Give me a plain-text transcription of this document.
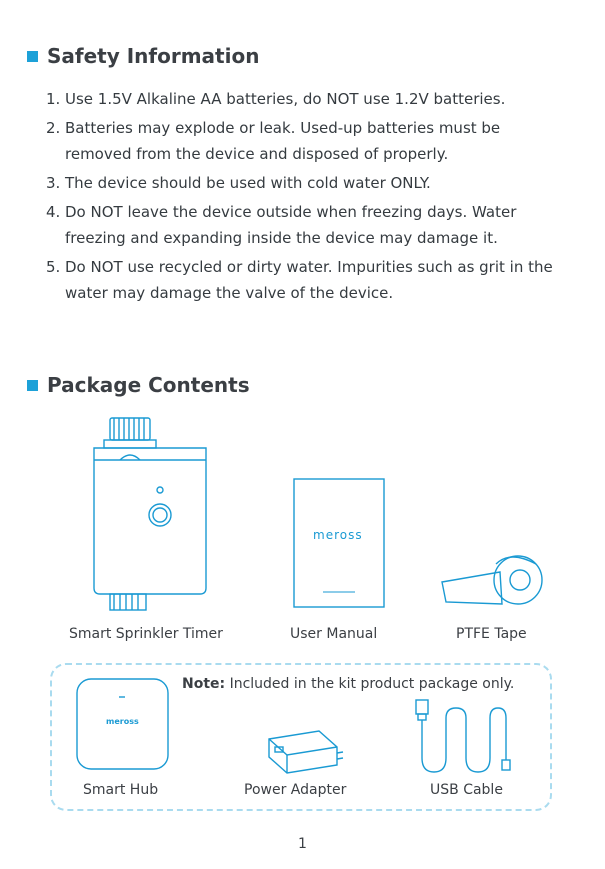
Safety Information
1. Use 1.5V Alkaline AA batteries, do NOT use 1.2V batteries.
2. Batteries may explode or leak. Used-up batteries must be removed from the device and disposed of properly.
3. The device should be used with cold water ONLY.
4. Do NOT leave the device outside when freezing days. Water freezing and expanding inside the device may damage it.
5. Do NOT use recycled or dirty water. Impurities such as grit in the water may damage the valve of the device.
Package Contents
Smart Sprinkler Timer
meross
User Manual	PTFE Tape
Note: Included in the kit product package only.
meross
Smart Hub	Power Adapter	USB Cable
1
